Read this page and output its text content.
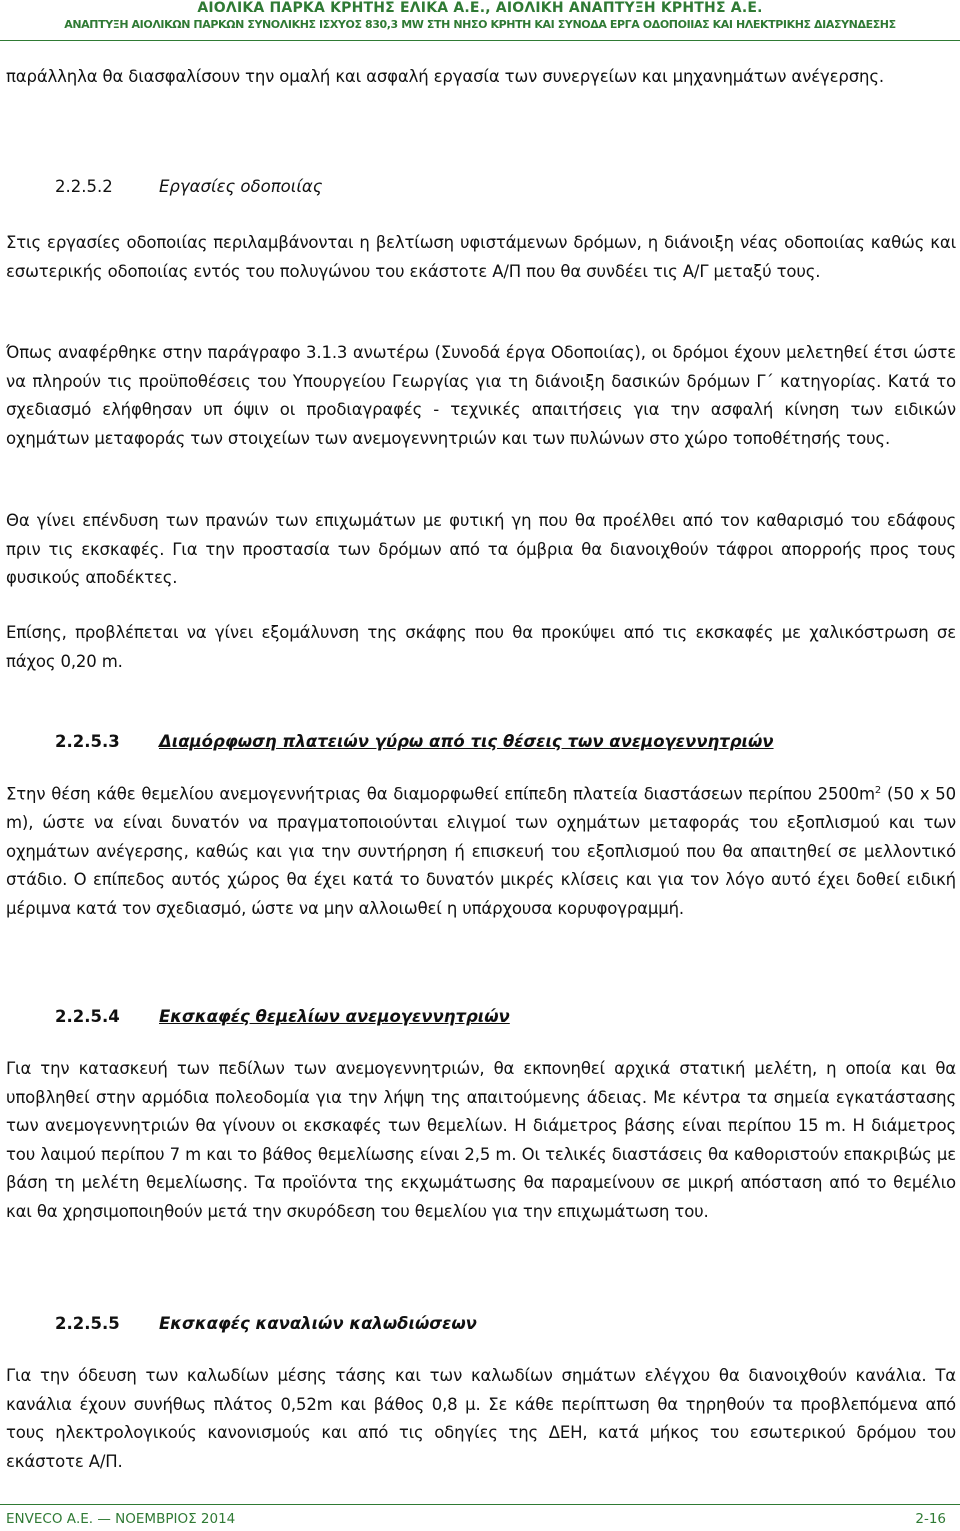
ΑΙΟΛΙΚΑ ΠΑΡΚΑ ΚΡΗΤΗΣ ΕΛΙΚΑ Α.Ε., ΑΙΟΛΙΚΗ ΑΝΑΠΤΥΞΗ ΚΡΗΤΗΣ Α.Ε.
ΑΝΑΠΤΥΞΗ ΑΙΟΛΙΚΩΝ ΠΑΡΚΩΝ ΣΥΝΟΛΙΚΗΣ ΙΣΧΥΟΣ 830,3 MW ΣΤΗ ΝΗΣΟ ΚΡΗΤΗ ΚΑΙ ΣΥΝΟΔΑ ΕΡΓΑ ΟΔΟΠΟΙΙΑΣ ΚΑΙ ΗΛΕΚΤΡΙΚΗΣ ΔΙΑΣΥΝΔΕΣΗΣ

παράλληλα θα διασφαλίσουν την ομαλή και ασφαλή εργασία των συνεργείων και μηχανημάτων ανέγερσης.

2.2.5.2	Εργασίες οδοποιίας

Στις εργασίες οδοποιίας περιλαμβάνονται η βελτίωση υφιστάμενων δρόμων, η διάνοιξη νέας οδοποιίας καθώς και εσωτερικής οδοποιίας εντός του πολυγώνου του εκάστοτε Α/Π που θα συνδέει τις Α/Γ μεταξύ τους.

Όπως αναφέρθηκε στην παράγραφο 3.1.3 ανωτέρω (Συνοδά έργα Οδοποιίας), οι δρόμοι έχουν μελετηθεί έτσι ώστε να πληρούν τις προϋποθέσεις του Υπουργείου Γεωργίας για τη διάνοιξη δασικών δρόμων Γ΄ κατηγορίας. Κατά το σχεδιασμό ελήφθησαν υπ όψιν οι προδιαγραφές - τεχνικές απαιτήσεις για την ασφαλή κίνηση των ειδικών οχημάτων μεταφοράς των στοιχείων των ανεμογεννητριών και των πυλώνων στο χώρο τοποθέτησής τους.

Θα γίνει επένδυση των πρανών των επιχωμάτων με φυτική γη που θα προέλθει από τον καθαρισμό του εδάφους πριν τις εκσκαφές. Για την προστασία των δρόμων από τα όμβρια θα διανοιχθούν τάφροι απορροής προς τους φυσικούς αποδέκτες.

Επίσης, προβλέπεται να γίνει εξομάλυνση της σκάφης που θα προκύψει από τις εκσκαφές με χαλικόστρωση σε πάχος 0,20 m.

2.2.5.3 Διαμόρφωση πλατειών γύρω από τις θέσεις των ανεμογεννητριών

Στην θέση κάθε θεμελίου ανεμογεννήτριας θα διαμορφωθεί επίπεδη πλατεία διαστάσεων περίπου $2500m^2$ (50 x 50 m), ώστε να είναι δυνατόν να πραγματοποιούνται ελιγμοί των οχημάτων μεταφοράς του εξοπλισμού και των οχημάτων ανέγερσης, καθώς και για την συντήρηση ή επισκευή του εξοπλισμού που θα απαιτηθεί σε μελλοντικό στάδιο. Ο επίπεδος αυτός χώρος θα έχει κατά το δυνατόν μικρές κλίσεις και για τον λόγο αυτό έχει δοθεί ειδική μέριμνα κατά τον σχεδιασμό, ώστε να μην αλλοιωθεί η υπάρχουσα κορυφογραμμή.

2.2.5.4 Εκσκαφές θεμελίων ανεμογεννητριών

Για την κατασκευή των πεδίλων των ανεμογεννητριών, θα εκπονηθεί αρχικά στατική μελέτη, η οποία και θα υποβληθεί στην αρμόδια πολεοδομία για την λήψη της απαιτούμενης άδειας. Με κέντρα τα σημεία εγκατάστασης των ανεμογεννητριών θα γίνουν οι εκσκαφές των θεμελίων. Η διάμετρος βάσης είναι περίπου 15 m. Η διάμετρος του λαιμού περίπου 7 m και το βάθος θεμελίωσης είναι 2,5 m. Οι τελικές διαστάσεις θα καθοριστούν επακριβώς με βάση τη μελέτη θεμελίωσης. Τα προϊόντα της εκχωμάτωσης θα παραμείνουν σε μικρή απόσταση από το θεμέλιο και θα χρησιμοποιηθούν μετά την σκυρόδεση του θεμελίου για την επιχωμάτωση του.

2.2.5.5 Εκσκαφές καναλιών καλωδιώσεων

Για την όδευση των καλωδίων μέσης τάσης και των καλωδίων σημάτων ελέγχου θα διανοιχθούν κανάλια. Τα κανάλια έχουν συνήθως πλάτος 0,52m και βάθος 0,8 μ. Σε κάθε περίπτωση θα τηρηθούν τα προβλεπόμενα από τους ηλεκτρολογικούς κανονισμούς και από τις οδηγίες της ΔΕΗ, κατά μήκος του εσωτερικού δρόμου του εκάστοτε Α/Π.

ENVECO Α.Ε. — ΝΟΕΜΒΡΙΟΣ 2014	2-16
